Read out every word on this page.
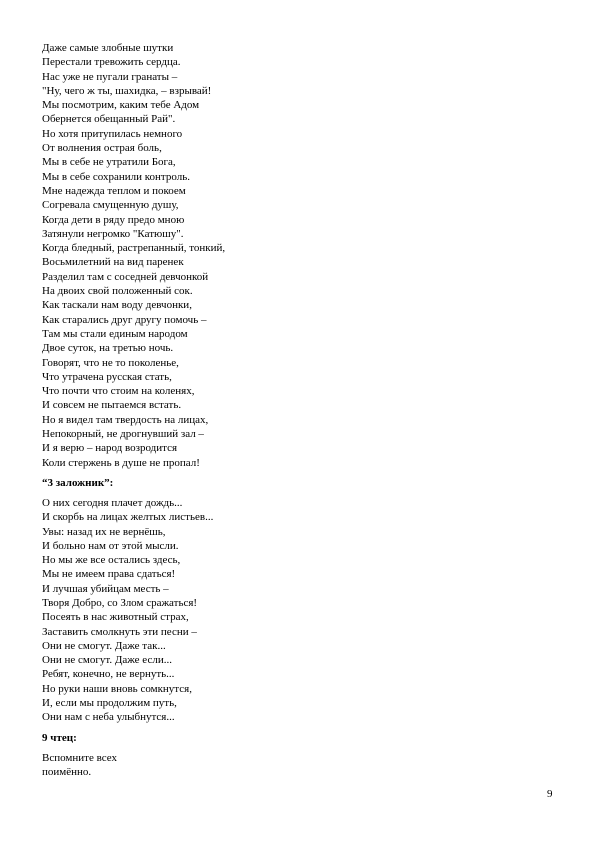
Даже самые злобные шутки
Перестали тревожить сердца.
Нас уже не пугали гранаты –
"Ну, чего ж ты, шахидка, – взрывай!
Мы посмотрим, каким тебе Адом
Обернется обещанный Рай".
Но хотя притупилась немного
От волнения острая боль,
Мы в себе не утратили Бога,
Мы в себе сохранили контроль.
Мне надежда теплом и покоем
Согревала смущенную душу,
Когда дети в ряду предо мною
Затянули негромко "Катюшу".
Когда бледный, растрепанный, тонкий,
Восьмилетний на вид паренек
Разделил там с соседней девчонкой
На двоих свой положенный сок.
Как таскали нам воду девчонки,
Как старались друг другу помочь –
Там мы стали единым народом
Двое суток, на третью ночь.
Говорят, что не то поколенье,
Что утрачена русская стать,
Что почти что стоим на коленях,
И совсем не пытаемся встать.
Но я видел там твердость на лицах,
Непокорный, не дрогнувший зал –
И я верю – народ возродится
Коли стержень в душе не пропал!
“3 заложник”:
О них сегодня плачет дождь...
И скорбь на лицах желтых листьев...
Увы: назад их не вернёшь,
И больно нам от этой мысли.
Но мы же все остались здесь,
Мы не имеем права сдаться!
И лучшая убийцам месть –
Творя Добро, со Злом сражаться!
Посеять в нас животный страх,
Заставить смолкнуть эти песни –
Они не смогут. Даже так...
Они не смогут. Даже если...
Ребят, конечно, не вернуть...
Но руки наши вновь сомкнутся,
И, если мы продолжим путь,
Они нам с неба улыбнутся...
9 чтец:
Вспомните всех
поимённо.
9
